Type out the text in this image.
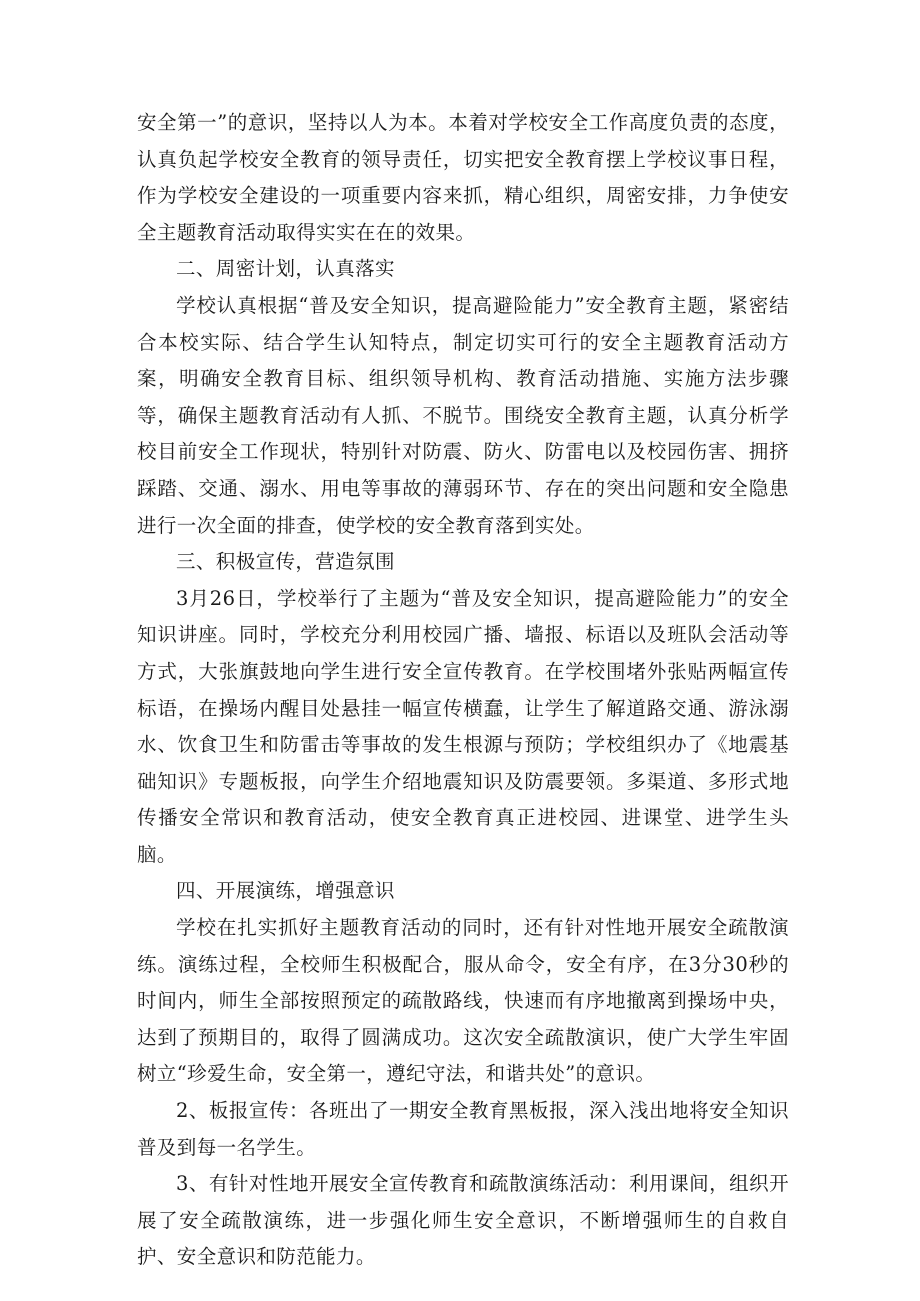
安全第一”的意识，坚持以人为本。本着对学校安全工作高度负责的态度，认真负起学校安全教育的领导责任，切实把安全教育摆上学校议事日程，作为学校安全建设的一项重要内容来抓，精心组织，周密安排，力争使安全主题教育活动取得实实在在的效果。

二、周密计划，认真落实

学校认真根据“普及安全知识，提高避险能力”安全教育主题，紧密结合本校实际、结合学生认知特点，制定切实可行的安全主题教育活动方案，明确安全教育目标、组织领导机构、教育活动措施、实施方法步骤等，确保主题教育活动有人抓、不脱节。围绕安全教育主题，认真分析学校目前安全工作现状，特别针对防震、防火、防雷电以及校园伤害、拥挤踩踏、交通、溺水、用电等事故的薄弱环节、存在的突出问题和安全隐患进行一次全面的排查，使学校的安全教育落到实处。

三、积极宣传，营造氛围

3月26日，学校举行了主题为“普及安全知识，提高避险能力”的安全知识讲座。同时，学校充分利用校园广播、墙报、标语以及班队会活动等方式，大张旗鼓地向学生进行安全宣传教育。在学校围堵外张贴两幅宣传标语，在操场内醒目处悬挂一幅宣传横蠢，让学生了解道路交通、游泳溺水、饮食卫生和防雷击等事故的发生根源与预防；学校组织办了《地震基础知识》专题板报，向学生介绍地震知识及防震要领。多渠道、多形式地传播安全常识和教育活动，使安全教育真正进校园、进课堂、进学生头脑。

四、开展演练，增强意识

学校在扎实抓好主题教育活动的同时，还有针对性地开展安全疏散演练。演练过程，全校师生积极配合，服从命令，安全有序，在3分30秒的时间内，师生全部按照预定的疏散路线，快速而有序地撤离到操场中央，达到了预期目的，取得了圆满成功。这次安全疏散演识，使广大学生牢固树立“珍爱生命，安全第一，遵纪守法，和谐共处”的意识。

2、板报宣传：各班出了一期安全教育黑板报，深入浅出地将安全知识普及到每一名学生。

3、有针对性地开展安全宣传教育和疏散演练活动：利用课间，组织开展了安全疏散演练，进一步强化师生安全意识，不断增强师生的自救自护、安全意识和防范能力。
